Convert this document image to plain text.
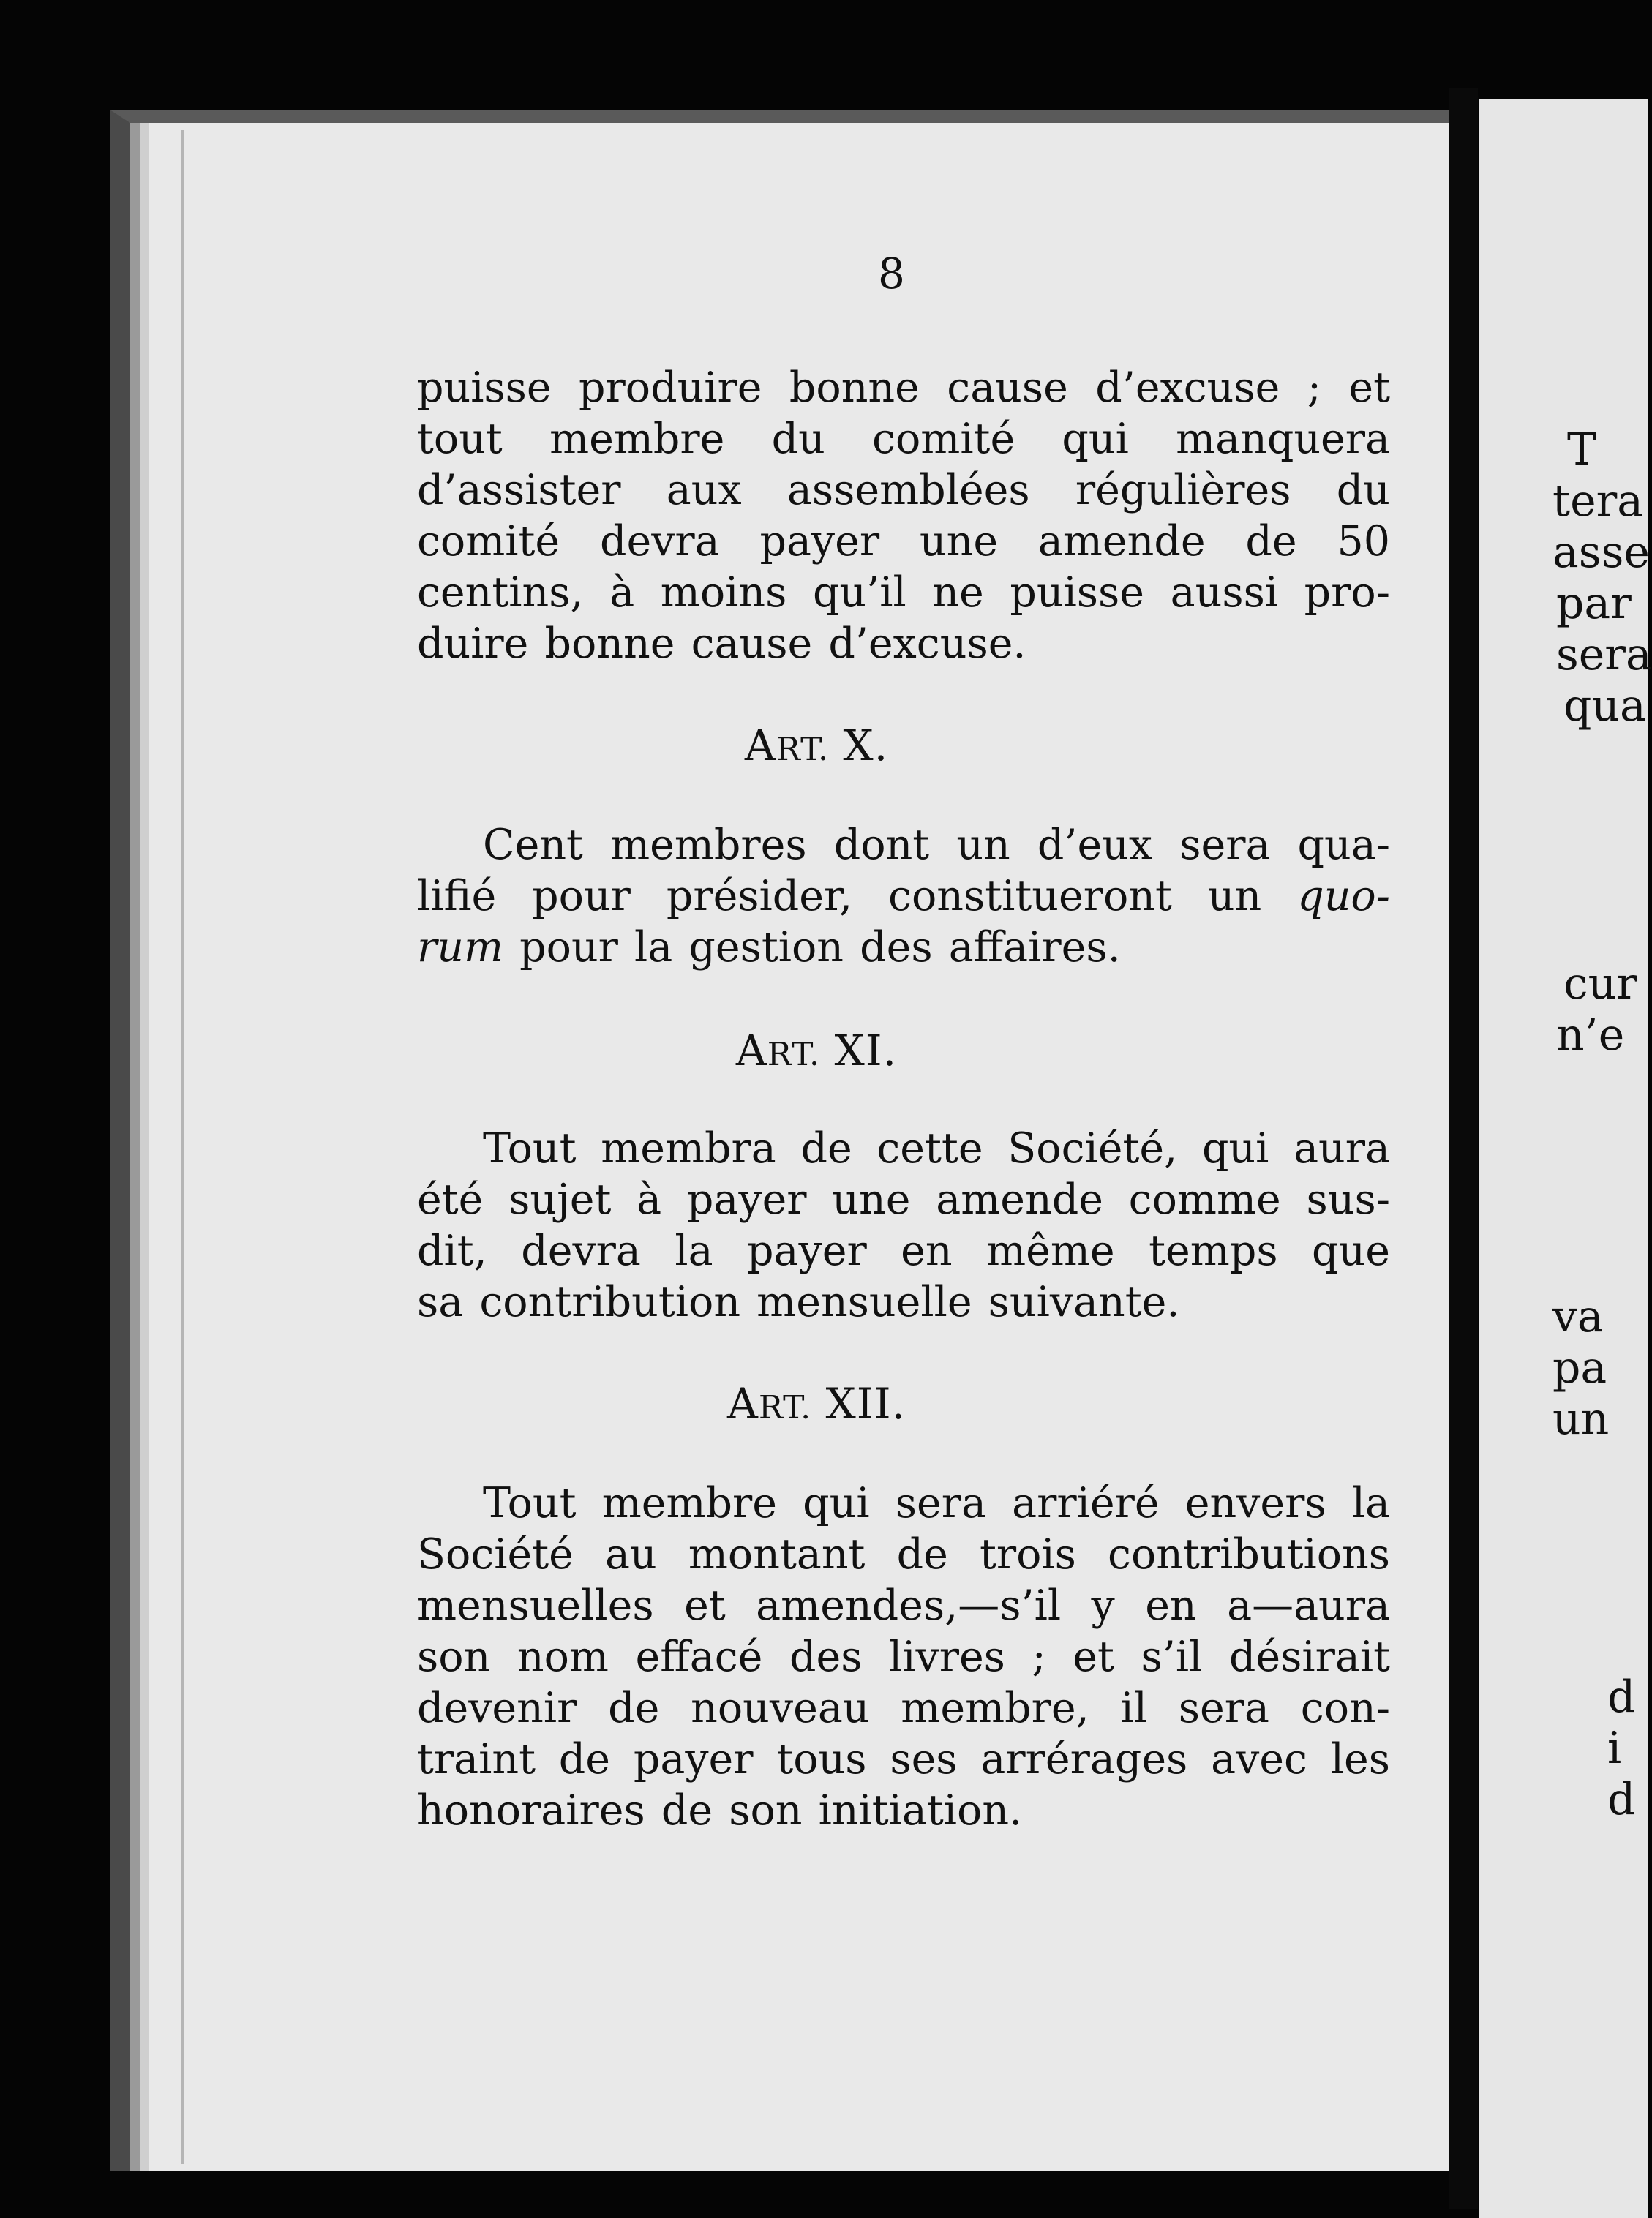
T
tera
asse
par
sera
qua
cur
n’e
va
pa
un
d
i
d
8
puisse produire bonne cause d’excuse ; et
tout membre du comité qui manquera
d’assister aux assemblées régulières du
comité devra payer une amende de 50
centins, à moins qu’il ne puisse aussi pro-
duire bonne cause d’excuse.
ART. X.
Cent membres dont un d’eux sera qua-
lifié pour présider, constitueront un quo-
rum pour la gestion des affaires.
ART. XI.
Tout membra de cette Société, qui aura
été sujet à payer une amende comme sus-
dit, devra la payer en même temps que
sa contribution mensuelle suivante.
ART. XII.
Tout membre qui sera arriéré envers la
Société au montant de trois contributions
mensuelles et amendes,—s’il y en a—aura
son nom effacé des livres ; et s’il désirait
devenir de nouveau membre, il sera con-
traint de payer tous ses arrérages avec les
honoraires de son initiation.
